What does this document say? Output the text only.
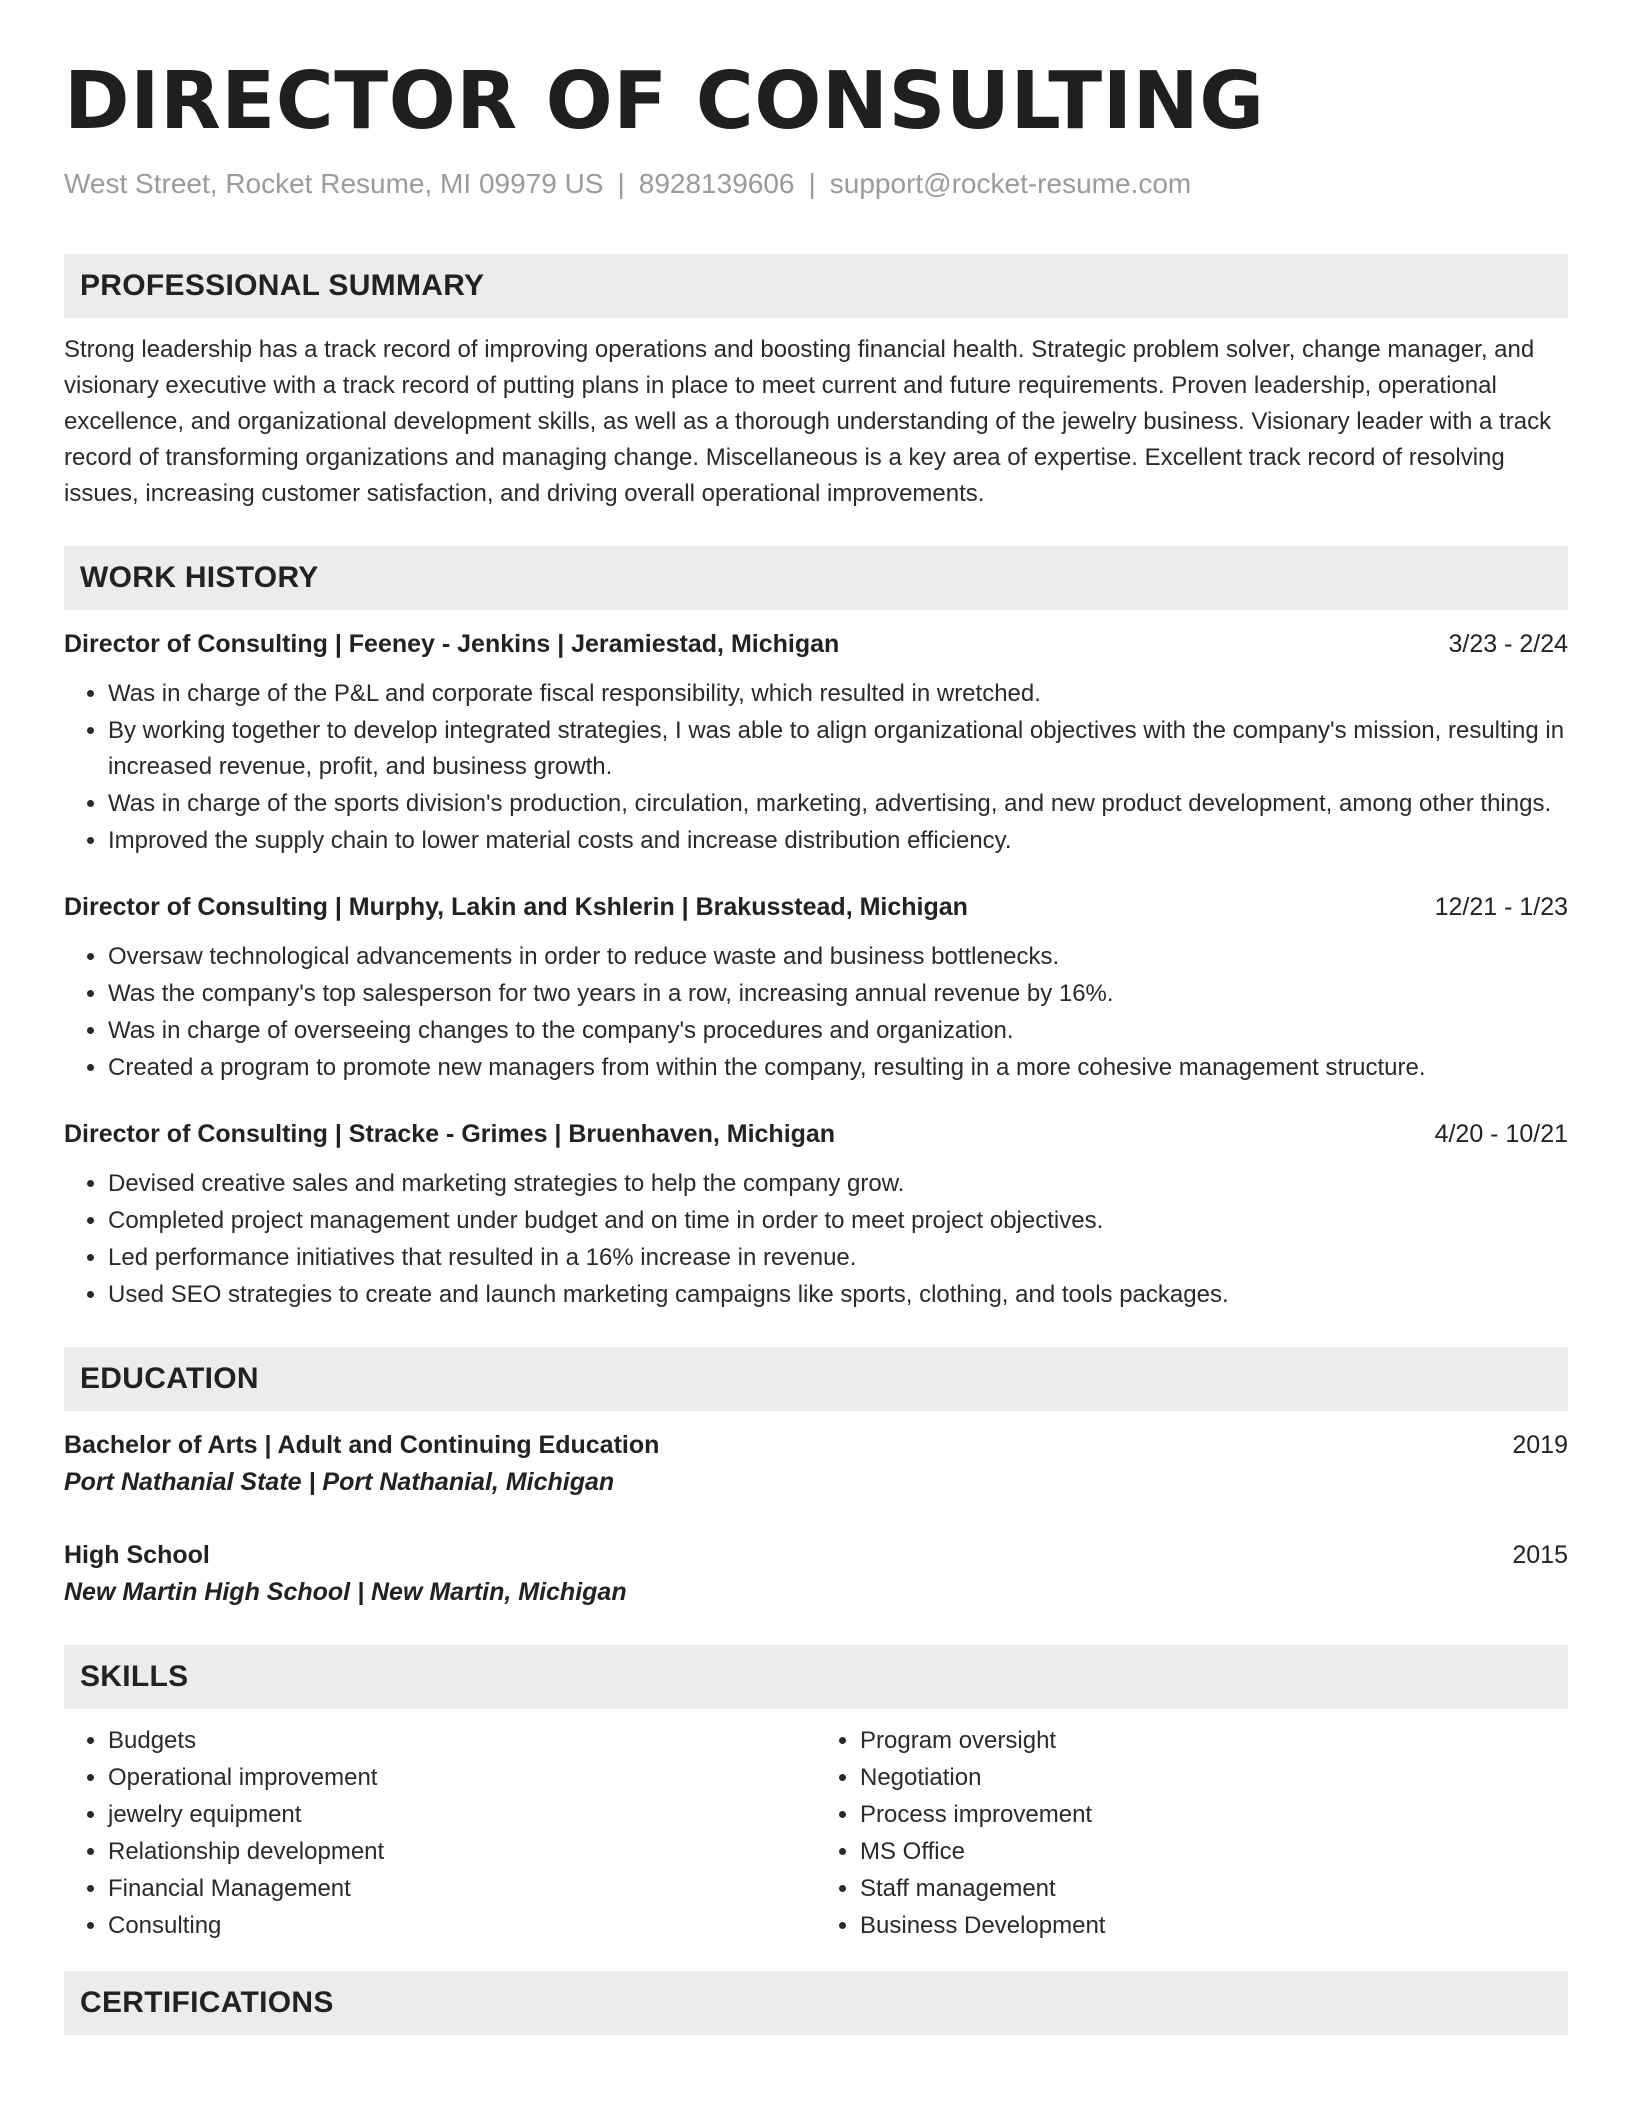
DIRECTOR OF CONSULTING
West Street, Rocket Resume, MI 09979 US | 8928139606 | support@rocket-resume.com
PROFESSIONAL SUMMARY
Strong leadership has a track record of improving operations and boosting financial health. Strategic problem solver, change manager, and visionary executive with a track record of putting plans in place to meet current and future requirements. Proven leadership, operational excellence, and organizational development skills, as well as a thorough understanding of the jewelry business. Visionary leader with a track record of transforming organizations and managing change. Miscellaneous is a key area of expertise. Excellent track record of resolving issues, increasing customer satisfaction, and driving overall operational improvements.
WORK HISTORY
Director of Consulting | Feeney - Jenkins | Jeramiestad, Michigan	3/23 - 2/24
• Was in charge of the P&L and corporate fiscal responsibility, which resulted in wretched.
• By working together to develop integrated strategies, I was able to align organizational objectives with the company's mission, resulting in increased revenue, profit, and business growth.
• Was in charge of the sports division's production, circulation, marketing, advertising, and new product development, among other things.
• Improved the supply chain to lower material costs and increase distribution efficiency.
Director of Consulting | Murphy, Lakin and Kshlerin | Brakusstead, Michigan	12/21 - 1/23
• Oversaw technological advancements in order to reduce waste and business bottlenecks.
• Was the company's top salesperson for two years in a row, increasing annual revenue by 16%.
• Was in charge of overseeing changes to the company's procedures and organization.
• Created a program to promote new managers from within the company, resulting in a more cohesive management structure.
Director of Consulting | Stracke - Grimes | Bruenhaven, Michigan	4/20 - 10/21
• Devised creative sales and marketing strategies to help the company grow.
• Completed project management under budget and on time in order to meet project objectives.
• Led performance initiatives that resulted in a 16% increase in revenue.
• Used SEO strategies to create and launch marketing campaigns like sports, clothing, and tools packages.
EDUCATION
Bachelor of Arts | Adult and Continuing Education	2019
Port Nathanial State | Port Nathanial, Michigan
High School	2015
New Martin High School | New Martin, Michigan
SKILLS
• Budgets
• Operational improvement
• jewelry equipment
• Relationship development
• Financial Management
• Consulting
• Program oversight
• Negotiation
• Process improvement
• MS Office
• Staff management
• Business Development
CERTIFICATIONS
